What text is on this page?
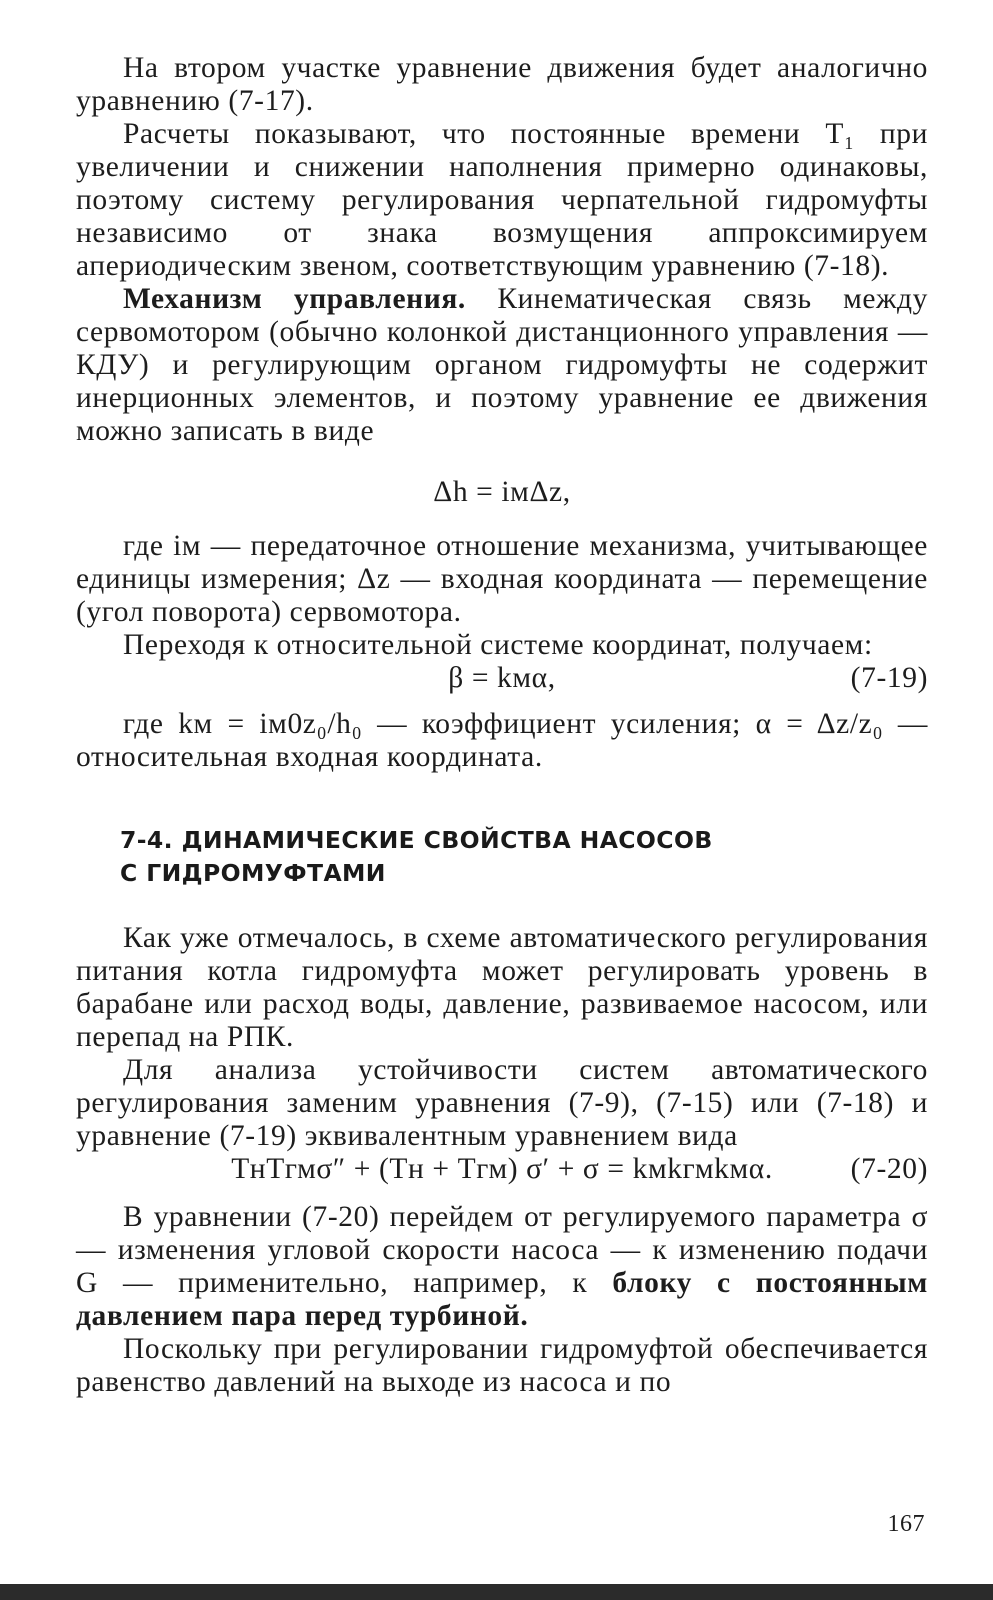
На втором участке уравнение движения будет аналогично уравнению (7-17).

Расчеты показывают, что постоянные времени T₁ при увеличении и снижении наполнения примерно одинаковы, поэтому систему регулирования черпательной гидромуфты независимо от знака возмущения аппроксимируем апериодическим звеном, соответствующим уравнению (7-18).

Механизм управления. Кинематическая связь между сервомотором (обычно колонкой дистанционного управления — КДУ) и регулирующим органом гидромуфты не содержит инерционных элементов, и поэтому уравнение ее движения можно записать в виде

Δh = iмΔz,

где iм — передаточное отношение механизма, учитывающее единицы измерения; Δz — входная координата — перемещение (угол поворота) сервомотора.

Переходя к относительной системе координат, получаем:

β = kмα,	(7-19)

где kм = iм0z₀/h₀ — коэффициент усиления; α = Δz/z₀ — относительная входная координата.

7-4. ДИНАМИЧЕСКИЕ СВОЙСТВА НАСОСОВ
С ГИДРОМУФТАМИ

Как уже отмечалось, в схеме автоматического регулирования питания котла гидромуфта может регулировать уровень в барабане или расход воды, давление, развиваемое насосом, или перепад на РПК.

Для анализа устойчивости систем автоматического регулирования заменим уравнения (7-9), (7-15) или (7-18) и уравнение (7-19) эквивалентным уравнением вида

TнTгмσ″ + (Tн + Tгм) σ′ + σ = kмkгмkмα.	(7-20)

В уравнении (7-20) перейдем от регулируемого параметра σ — изменения угловой скорости насоса — к изменению подачи G — применительно, например, к блоку с постоянным давлением пара перед турбиной.

Поскольку при регулировании гидромуфтой обеспечивается равенство давлений на выходе из насоса и по

167
